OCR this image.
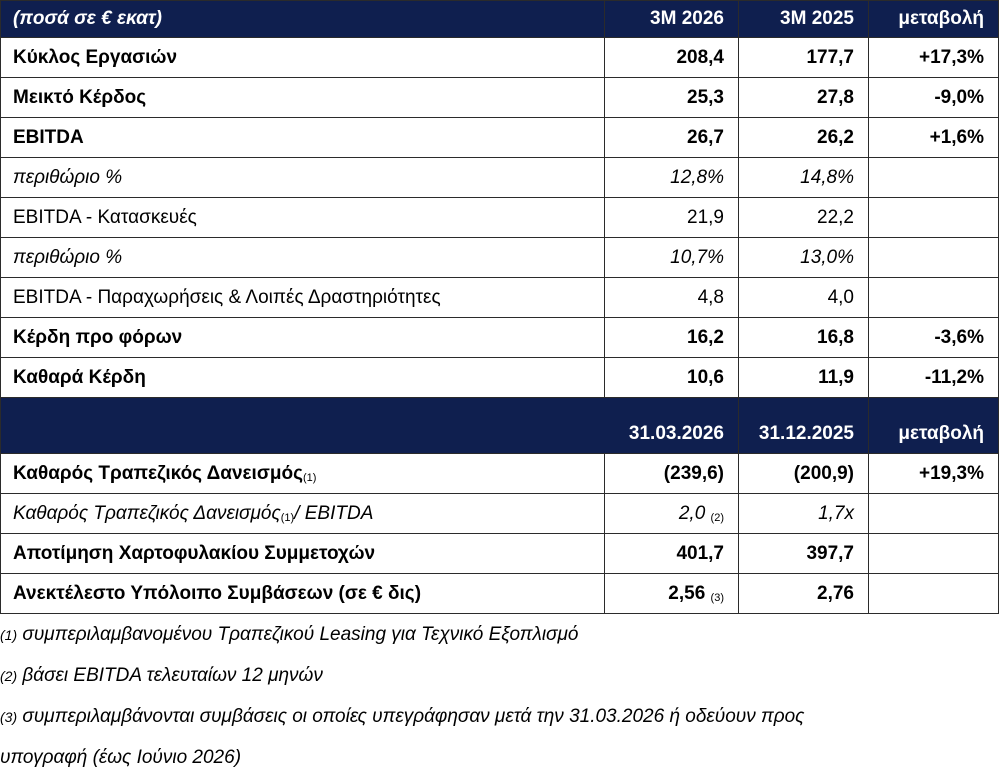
(ποσά σε € εκατ)	3Μ 2026	3Μ 2025	μεταβολή
Κύκλος Εργασιών	208,4	177,7	+17,3%
Μεικτό Κέρδος	25,3	27,8	-9,0%
EBITDA	26,7	26,2	+1,6%
περιθώριο %	12,8%	14,8%	
EBITDA - Κατασκευές	21,9	22,2	
περιθώριο %	10,7%	13,0%	
EBITDA - Παραχωρήσεις & Λοιπές Δραστηριότητες	4,8	4,0	
Κέρδη προ φόρων	16,2	16,8	-3,6%
Καθαρά Κέρδη	10,6	11,9	-11,2%
	31.03.2026	31.12.2025	μεταβολή
Καθαρός Τραπεζικός Δανεισμός(1)	(239,6)	(200,9)	+19,3%
Καθαρός Τραπεζικός Δανεισμός(1)/ EBITDA	2,0 (2)	1,7x	
Αποτίμηση Χαρτοφυλακίου Συμμετοχών	401,7	397,7	
Ανεκτέλεστο Υπόλοιπο Συμβάσεων (σε € δις)	2,56 (3)	2,76	

(1) συμπεριλαμβανομένου Τραπεζικού Leasing για Τεχνικό Εξοπλισμό

(2) βάσει EBITDA τελευταίων 12 μηνών

(3) συμπεριλαμβάνονται συμβάσεις οι οποίες υπεγράφησαν μετά την 31.03.2026 ή οδεύουν προς

υπογραφή (έως Ιούνιο 2026)
